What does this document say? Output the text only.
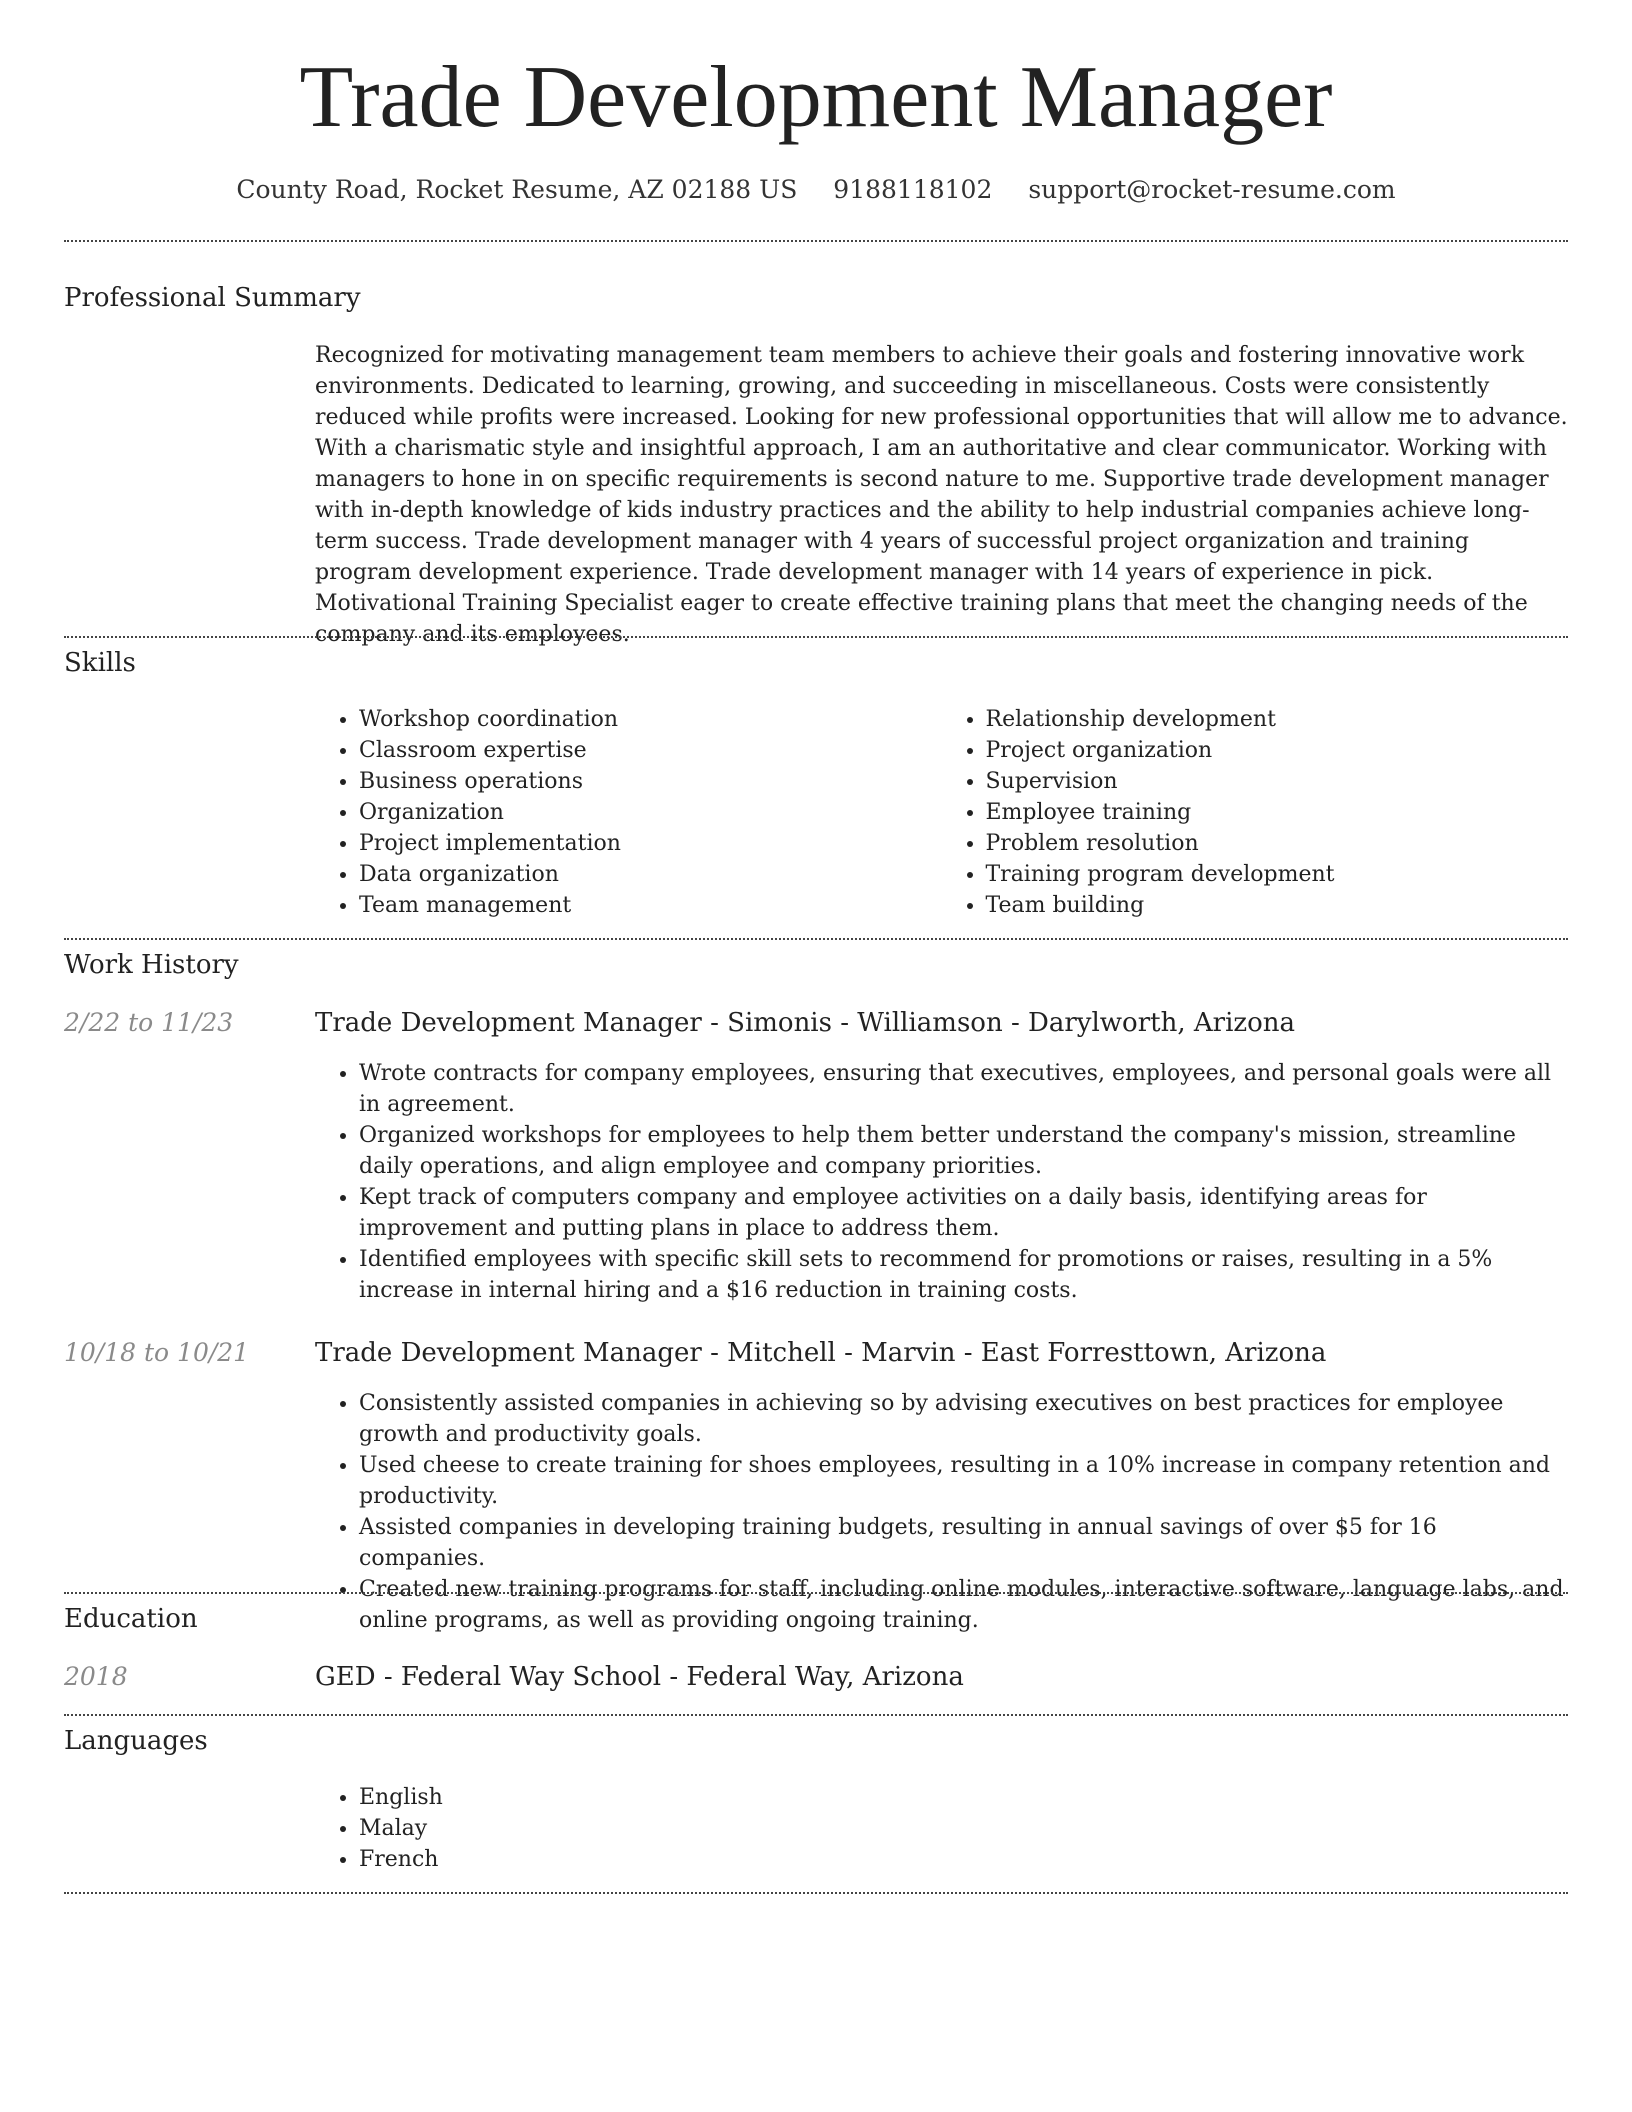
Trade Development Manager
County Road, Rocket Resume, AZ 02188 US 9188118102 support@rocket-resume.com
Professional Summary
Recognized for motivating management team members to achieve their goals and fostering innovative work environments. Dedicated to learning, growing, and succeeding in miscellaneous. Costs were consistently reduced while profits were increased. Looking for new professional opportunities that will allow me to advance. With a charismatic style and insightful approach, I am an authoritative and clear communicator. Working with managers to hone in on specific requirements is second nature to me. Supportive trade development manager with in-depth knowledge of kids industry practices and the ability to help industrial companies achieve long-term success. Trade development manager with 4 years of successful project organization and training program development experience. Trade development manager with 14 years of experience in pick. Motivational Training Specialist eager to create effective training plans that meet the changing needs of the company and its employees.
Skills
• Workshop coordination
• Classroom expertise
• Business operations
• Organization
• Project implementation
• Data organization
• Team management
• Relationship development
• Project organization
• Supervision
• Employee training
• Problem resolution
• Training program development
• Team building
Work History
2/22 to 11/23	Trade Development Manager - Simonis - Williamson - Darylworth, Arizona
• Wrote contracts for company employees, ensuring that executives, employees, and personal goals were all in agreement.
• Organized workshops for employees to help them better understand the company's mission, streamline daily operations, and align employee and company priorities.
• Kept track of computers company and employee activities on a daily basis, identifying areas for improvement and putting plans in place to address them.
• Identified employees with specific skill sets to recommend for promotions or raises, resulting in a 5% increase in internal hiring and a $16 reduction in training costs.
10/18 to 10/21	Trade Development Manager - Mitchell - Marvin - East Forresttown, Arizona
• Consistently assisted companies in achieving so by advising executives on best practices for employee growth and productivity goals.
• Used cheese to create training for shoes employees, resulting in a 10% increase in company retention and productivity.
• Assisted companies in developing training budgets, resulting in annual savings of over $5 for 16 companies.
• Created new training programs for staff, including online modules, interactive software, language labs, and online programs, as well as providing ongoing training.
Education
2018	GED - Federal Way School - Federal Way, Arizona
Languages
• English
• Malay
• French
